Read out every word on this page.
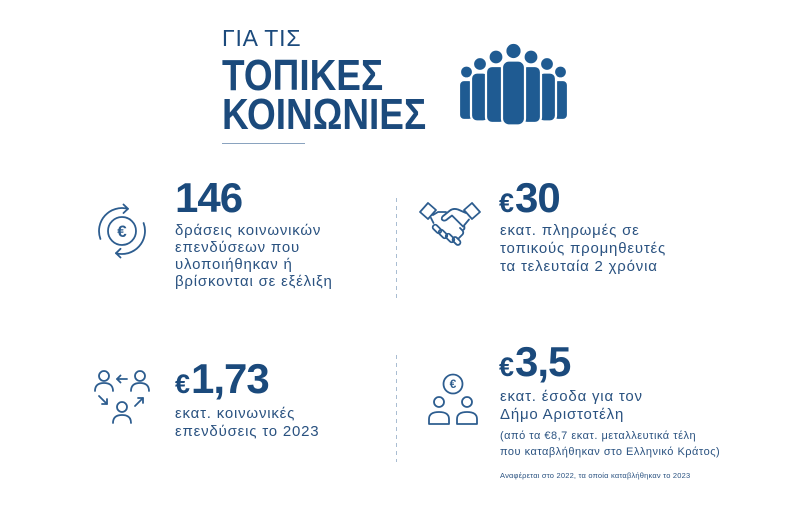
ΓΙΑ ΤΙΣ
ΤΟΠΙΚΕΣ
ΚΟΙΝΩΝΙΕΣ
€
146
δράσεις κοινωνικών
επενδύσεων που
υλοποιήθηκαν ή
βρίσκονται σε εξέλιξη
€30
εκατ. πληρωμές σε
τοπικούς προμηθευτές
τα τελευταία 2 χρόνια
€1,73
εκατ. κοινωνικές
επενδύσεις το 2023
€
€3,5
εκατ. έσοδα για τον
Δήμο Αριστοτέλη
(από τα €8,7 εκατ. μεταλλευτικά τέλη
που καταβλήθηκαν στο Ελληνικό Κράτος)
Αναφέρεται στο 2022, τα οποία καταβλήθηκαν το 2023
